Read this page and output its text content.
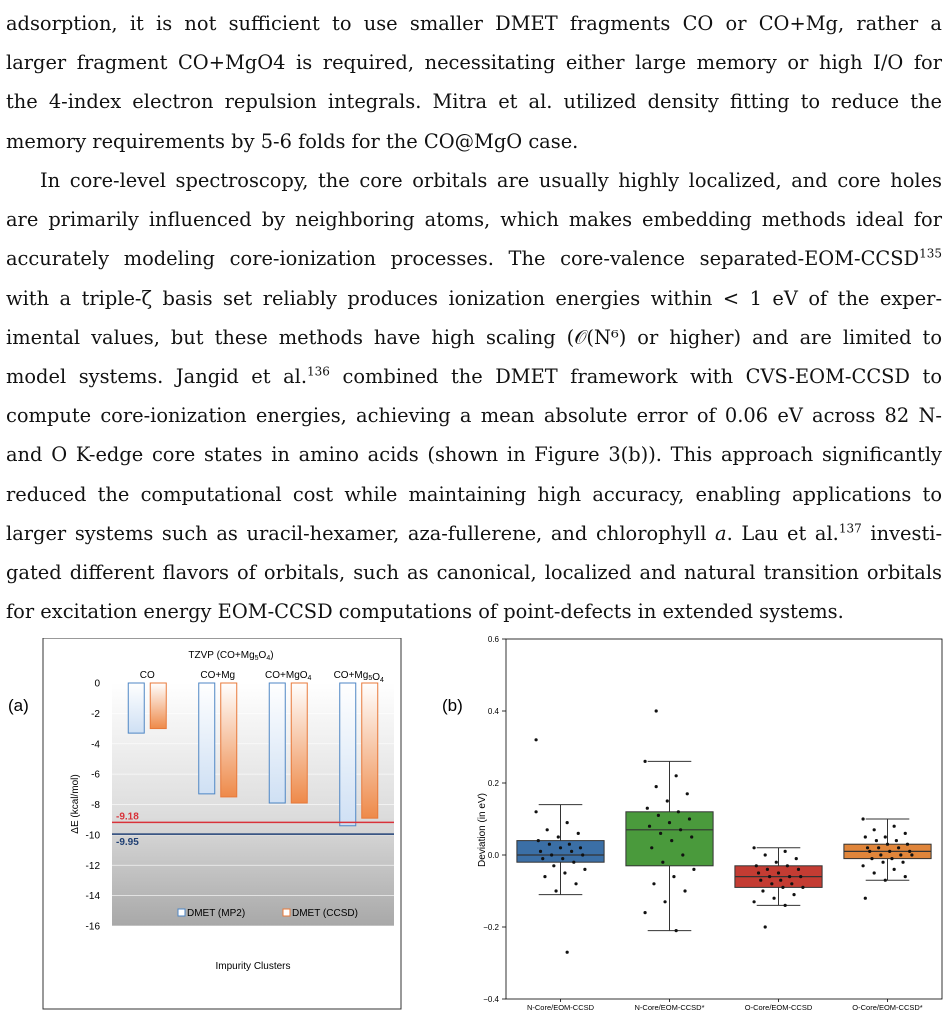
adsorption, it is not sufficient to use smaller DMET fragments CO or CO+Mg, rather a
larger fragment CO+MgO4 is required, necessitating either large memory or high I/O for
the 4-index electron repulsion integrals. Mitra et al. utilized density fitting to reduce the
memory requirements by 5-6 folds for the CO@MgO case.
In core-level spectroscopy, the core orbitals are usually highly localized, and core holes
are primarily influenced by neighboring atoms, which makes embedding methods ideal for
accurately modeling core-ionization processes. The core-valence separated-EOM-CCSD$^{135}$
with a triple-ζ basis set reliably produces ionization energies within < 1 eV of the exper-
imental values, but these methods have high scaling (𝒪(N⁶) or higher) and are limited to
model systems. Jangid et al.$^{136}$ combined the DMET framework with CVS-EOM-CCSD to
compute core-ionization energies, achieving a mean absolute error of 0.06 eV across 82 N-
and O K-edge core states in amino acids (shown in Figure 3(b)). This approach significantly
reduced the computational cost while maintaining high accuracy, enabling applications to
larger systems such as uracil-hexamer, aza-fullerene, and chlorophyll a. Lau et al.$^{137}$ investi-
gated different flavors of orbitals, such as canonical, localized and natural transition orbitals
for excitation energy EOM-CCSD computations of point-defects in extended systems.
(a)
TZVP $(CO+Mg_5O_4)$
0
-2
-4
-6
-8
-10
-12
-14
-16
CO	CO+Mg	CO+MgO$_4$ $CO+Mg_5O_4$
-9.18
-9.95
DMET (MP2)	DMET (CCSD)
ΔE (kcal/mol)
Impurity Clusters
(b)
−0.4
−0.2
0.0
0.2
0.4
0.6
N-Core/EOM-CCSD	N-Core/EOM-CCSD*	O-Core/EOM-CCSD	O-Core/EOM-CCSD*
Deviation (in eV)
